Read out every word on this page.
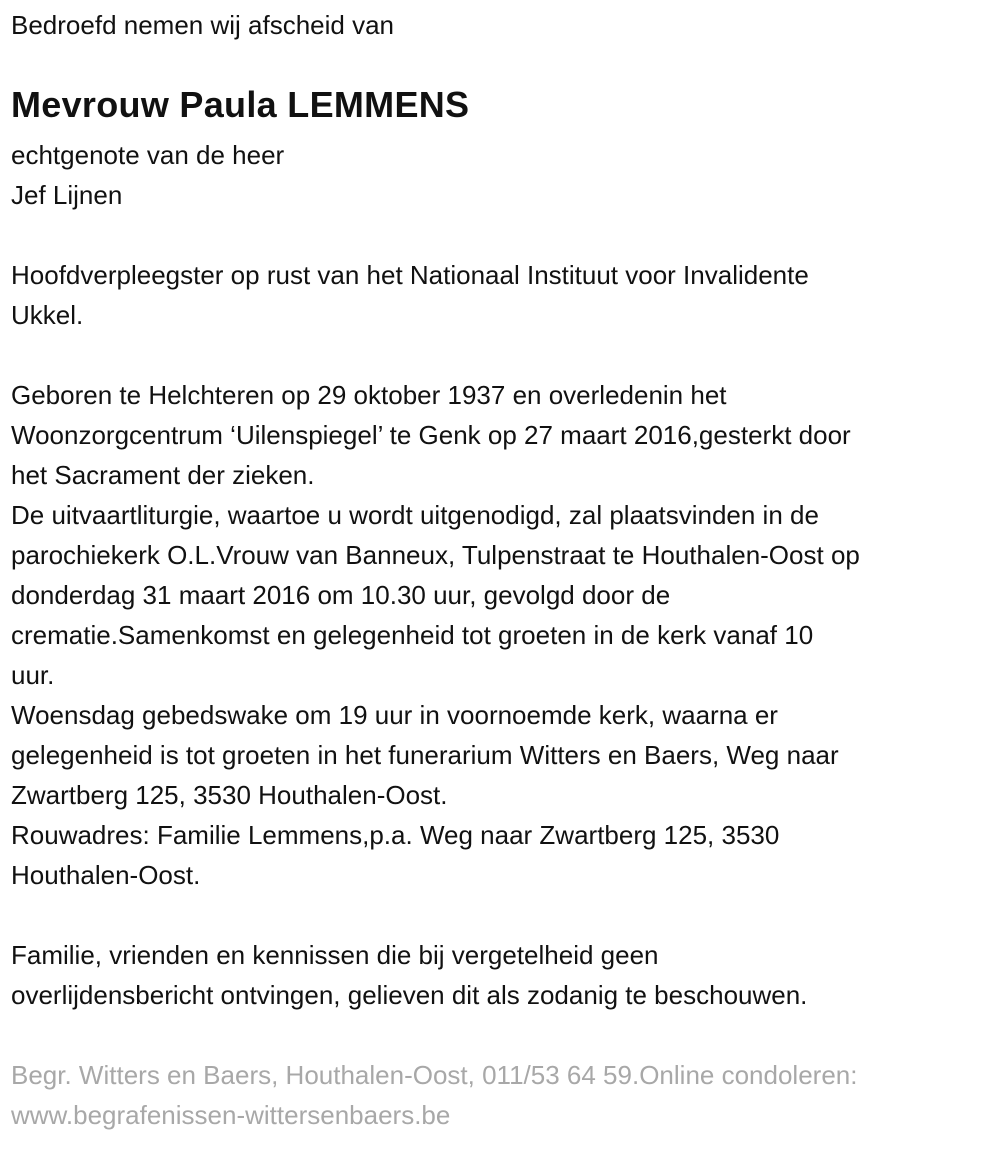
Bedroefd nemen wij afscheid van
Mevrouw Paula LEMMENS
echtgenote van de heer
Jef Lijnen
Hoofdverpleegster op rust van het Nationaal Instituut voor Invalidente
Ukkel.
Geboren te Helchteren op 29 oktober 1937 en overledenin het
Woonzorgcentrum ‘Uilenspiegel’ te Genk op 27 maart 2016,gesterkt door
het Sacrament der zieken.
De uitvaartliturgie, waartoe u wordt uitgenodigd, zal plaatsvinden in de
parochiekerk O.L.Vrouw van Banneux, Tulpenstraat te Houthalen-Oost op
donderdag 31 maart 2016 om 10.30 uur, gevolgd door de
crematie.Samenkomst en gelegenheid tot groeten in de kerk vanaf 10
uur.
Woensdag gebedswake om 19 uur in voornoemde kerk, waarna er
gelegenheid is tot groeten in het funerarium Witters en Baers, Weg naar
Zwartberg 125, 3530 Houthalen-Oost.
Rouwadres: Familie Lemmens,p.a. Weg naar Zwartberg 125, 3530
Houthalen-Oost.
Familie, vrienden en kennissen die bij vergetelheid geen
overlijdensbericht ontvingen, gelieven dit als zodanig te beschouwen.
Begr. Witters en Baers, Houthalen-Oost, 011/53 64 59.Online condoleren:
www.begrafenissen-wittersenbaers.be
